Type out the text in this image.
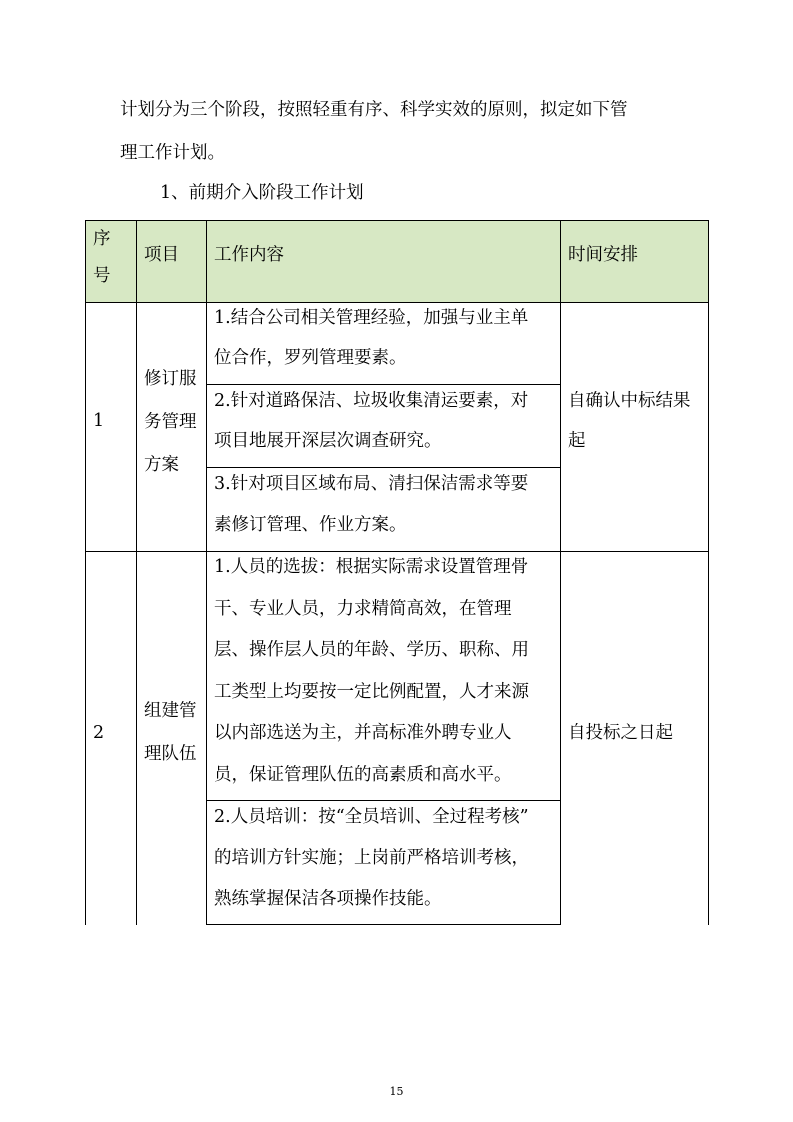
计划分为三个阶段，按照轻重有序、科学实效的原则，拟定如下管
理工作计划。
1、前期介入阶段工作计划
序
号
项目 工作内容	时间安排
1
修订服
务管理
方案
1.结合公司相关管理经验，加强与业主单
位合作，罗列管理要素。
2.针对道路保洁、垃圾收集清运要素，对
项目地展开深层次调查研究。
3.针对项目区域布局、清扫保洁需求等要
素修订管理、作业方案。
自确认中标结果
起
2
组建管
理队伍
1.人员的选拔：根据实际需求设置管理骨
干、专业人员，力求精简高效，在管理
层、操作层人员的年龄、学历、职称、用
工类型上均要按一定比例配置，人才来源
以内部选送为主，并高标准外聘专业人
员，保证管理队伍的高素质和高水平。
2.人员培训：按“全员培训、全过程考核”
的培训方针实施；上岗前严格培训考核，
熟练掌握保洁各项操作技能。
自投标之日起
15
